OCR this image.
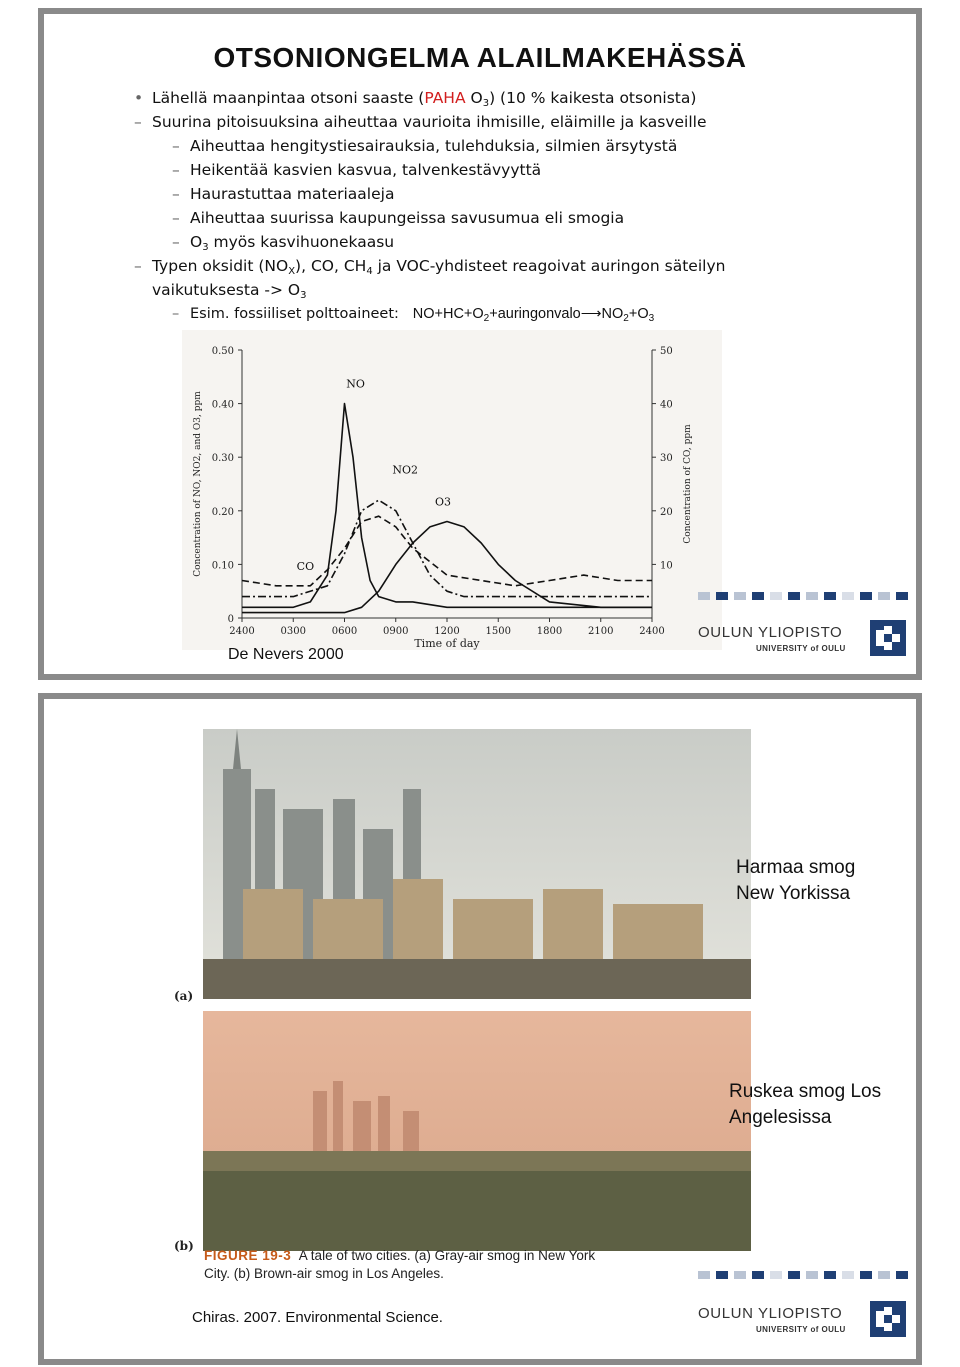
OTSONIONGELMA ALAILMAKEHÄSSÄ
• Lähellä maanpintaa otsoni saaste (PAHA $O_3$) (10 % kaikesta otsonista)
– Suurina pitoisuuksina aiheuttaa vaurioita ihmisille, eläimille ja kasveille
– Aiheuttaa hengitystiesairauksia, tulehduksia, silmien ärsytystä
– Heikentää kasvien kasvua, talvenkestävyyttä
– Haurastuttaa materiaaleja
– Aiheuttaa suurissa kaupungeissa savusumua eli smogia
– $O_3$ myös kasvihuonekaasu
– Typen oksidit $(NO_X)$, CO, $CH_4$ ja VOC-yhdisteet reagoivat auringon säteilyn
vaikutuksesta -> $O_3$
– Esim. fossiiliset polttoaineet: $NO+HC+O_2+auringonvalo⟶NO_2+O_3$
0
0.10
0.20
0.30
0.40
0.50
10
20
30
40
50
2400	0300	0600	0900	1200	1500	1800	2100	2400
Time of day
Concentration of NO, NO2, and O3, ppm	Concentration of CO, ppm
NO
NO2
O3
CO
De Nevers 2000
OULUN YLIOPISTO
UNIVERSITY of OULU
(a)
(b)
FIGURE 19-3 A tale of two cities. (a) Gray-air smog in New York
City. (b) Brown-air smog in Los Angeles.
Harmaa smog
New Yorkissa
Ruskea smog Los
Angelesissa
Chiras. 2007. Environmental Science.	OULUN YLIOPISTO
UNIVERSITY of OULU
